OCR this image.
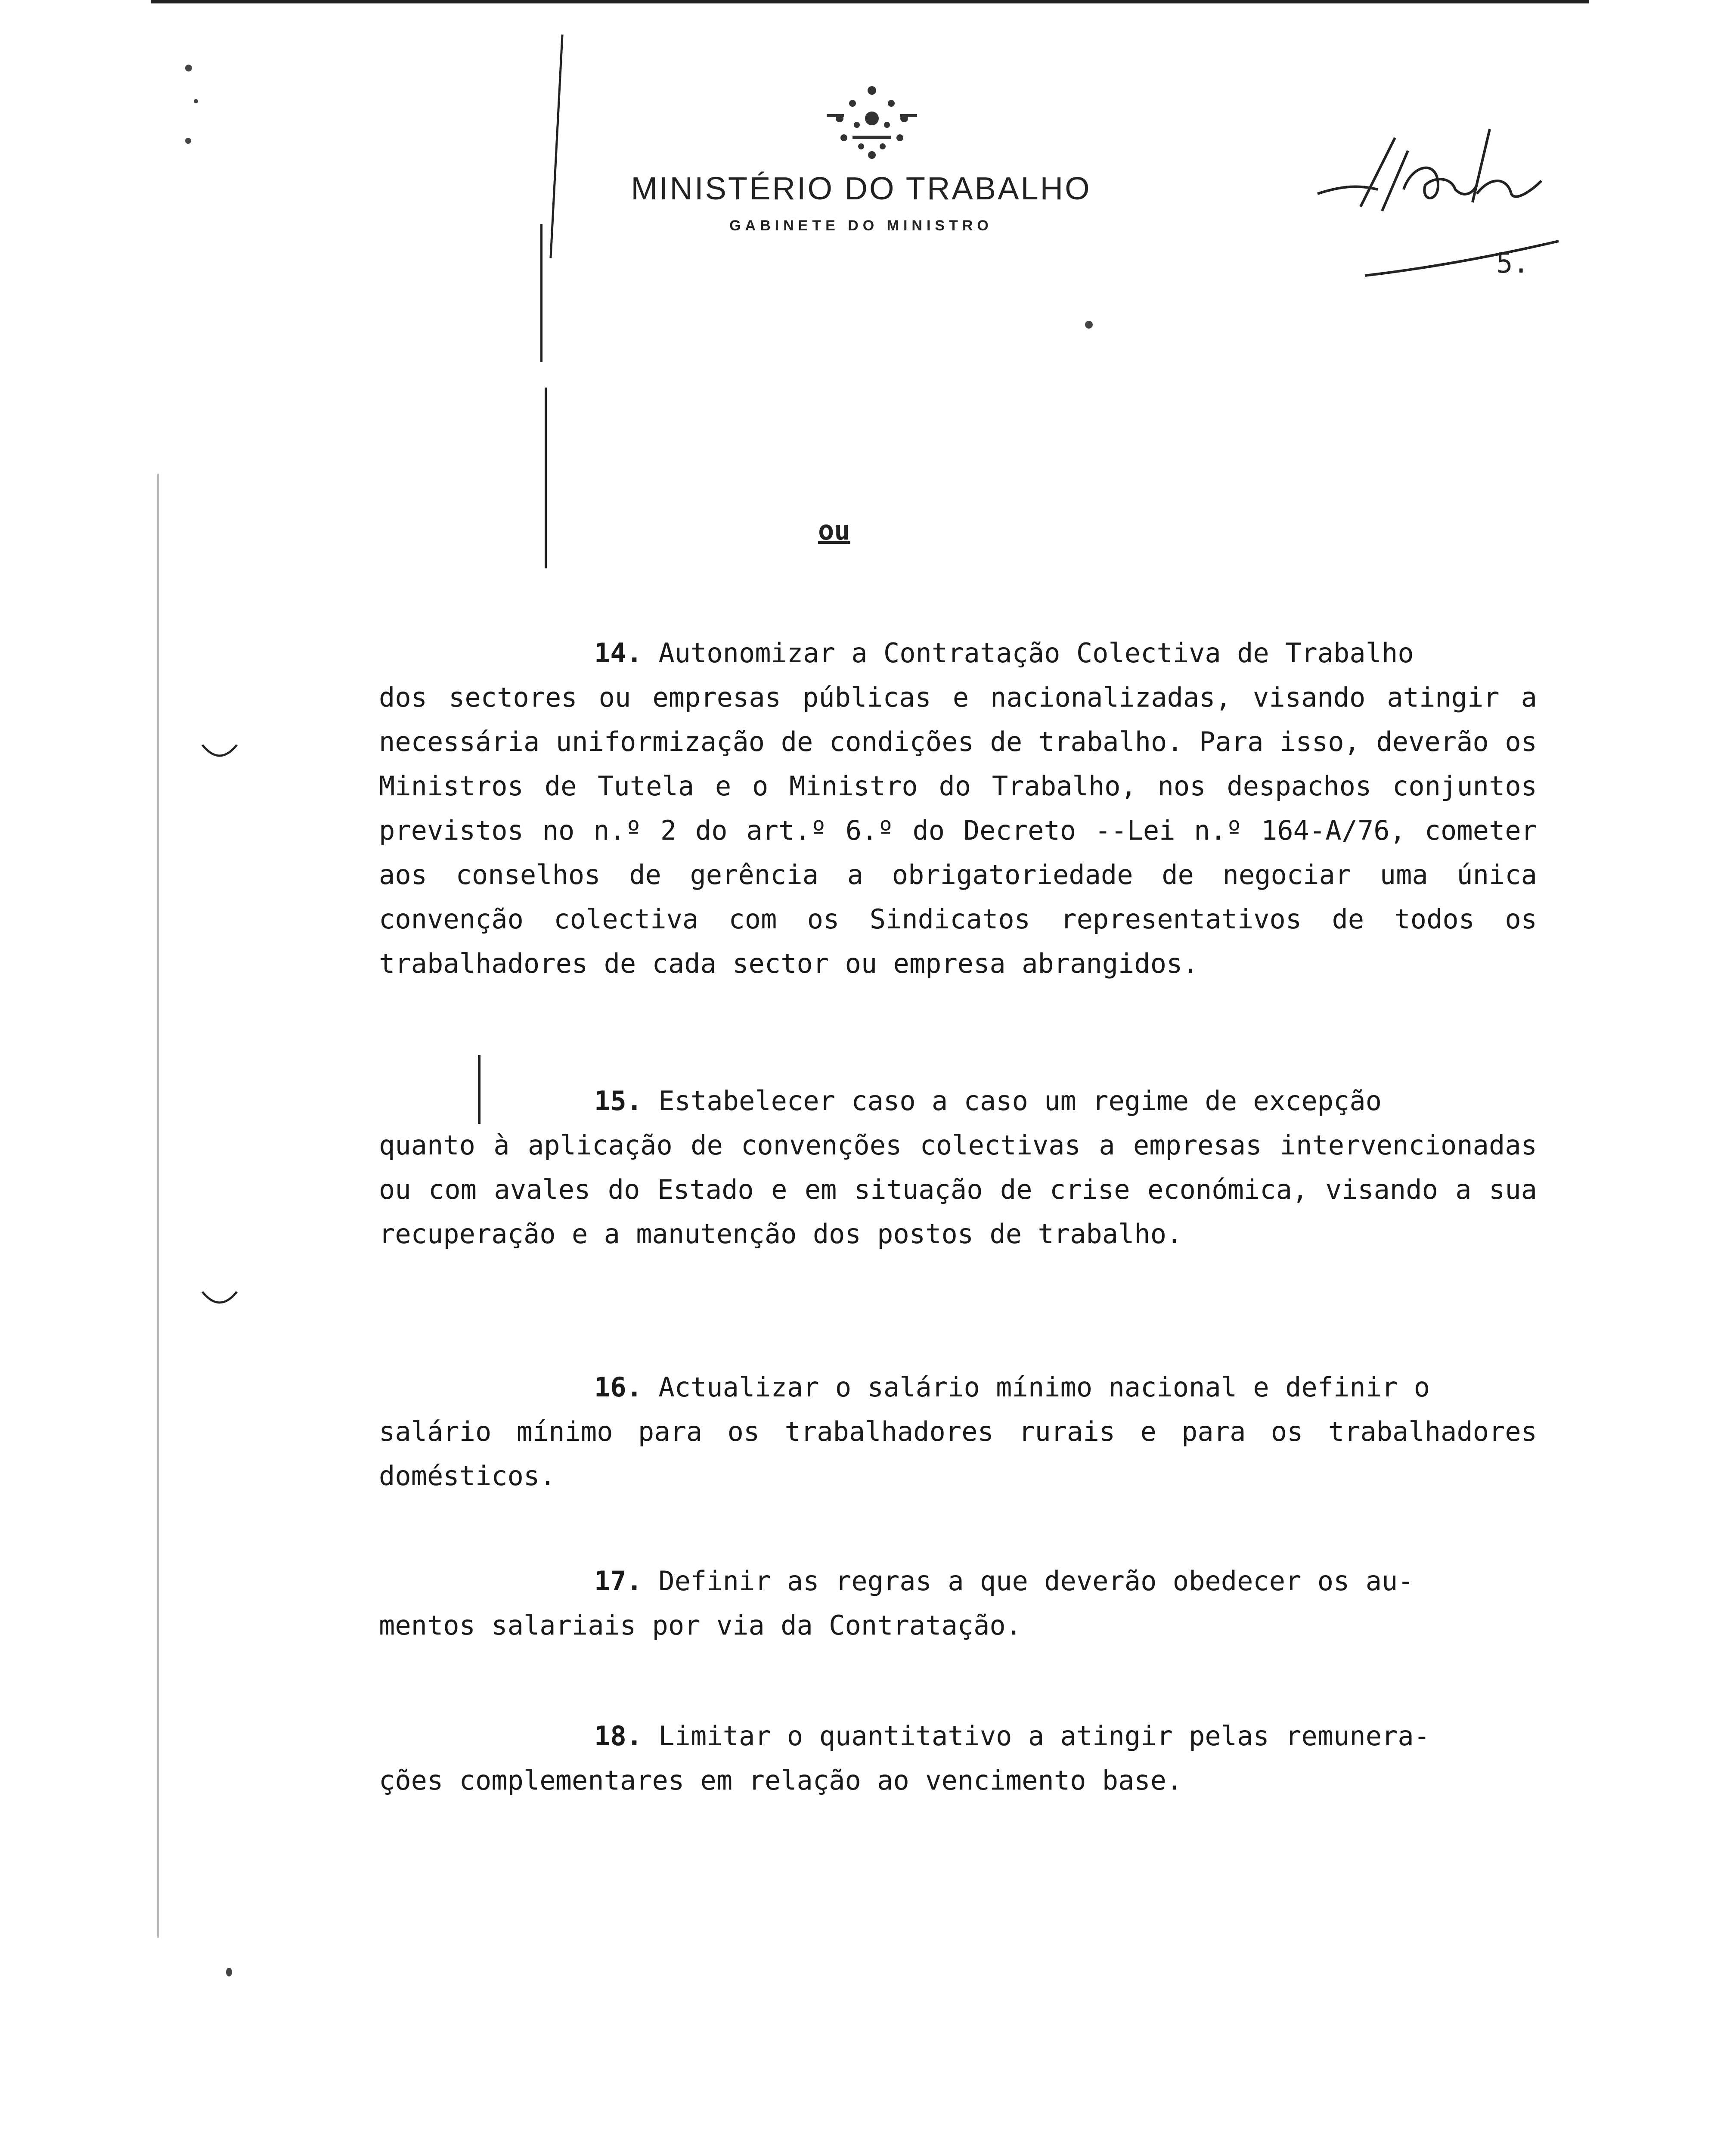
MINISTÉRIO DO TRABALHO
GABINETE DO MINISTRO
5.
ou
14. Autonomizar a Contratação Colectiva de Trabalho
dos sectores ou empresas públicas e nacionalizadas, visando atingir a necessária uniformização de condições de trabalho. Para isso, deverão os Ministros de Tutela e o Ministro do Trabalho, nos despachos conjuntos previstos no n.º 2 do art.º 6.º do Decreto --Lei n.º 164-A/76, cometer aos conselhos de gerência a obrigatoriedade de negociar uma única convenção colectiva com os Sindicatos representativos de todos os trabalhadores de cada sector ou empresa abrangidos.
15. Estabelecer caso a caso um regime de excepção
quanto à aplicação de convenções colectivas a empresas intervencionadas ou com avales do Estado e em situação de crise económica, visando a sua recuperação e a manutenção dos postos de trabalho.
16. Actualizar o salário mínimo nacional e definir o
salário mínimo para os trabalhadores rurais e para os trabalhadores domésticos.
17. Definir as regras a que deverão obedecer os au-
mentos salariais por via da Contratação.
18. Limitar o quantitativo a atingir pelas remunera-
ções complementares em relação ao vencimento base.
